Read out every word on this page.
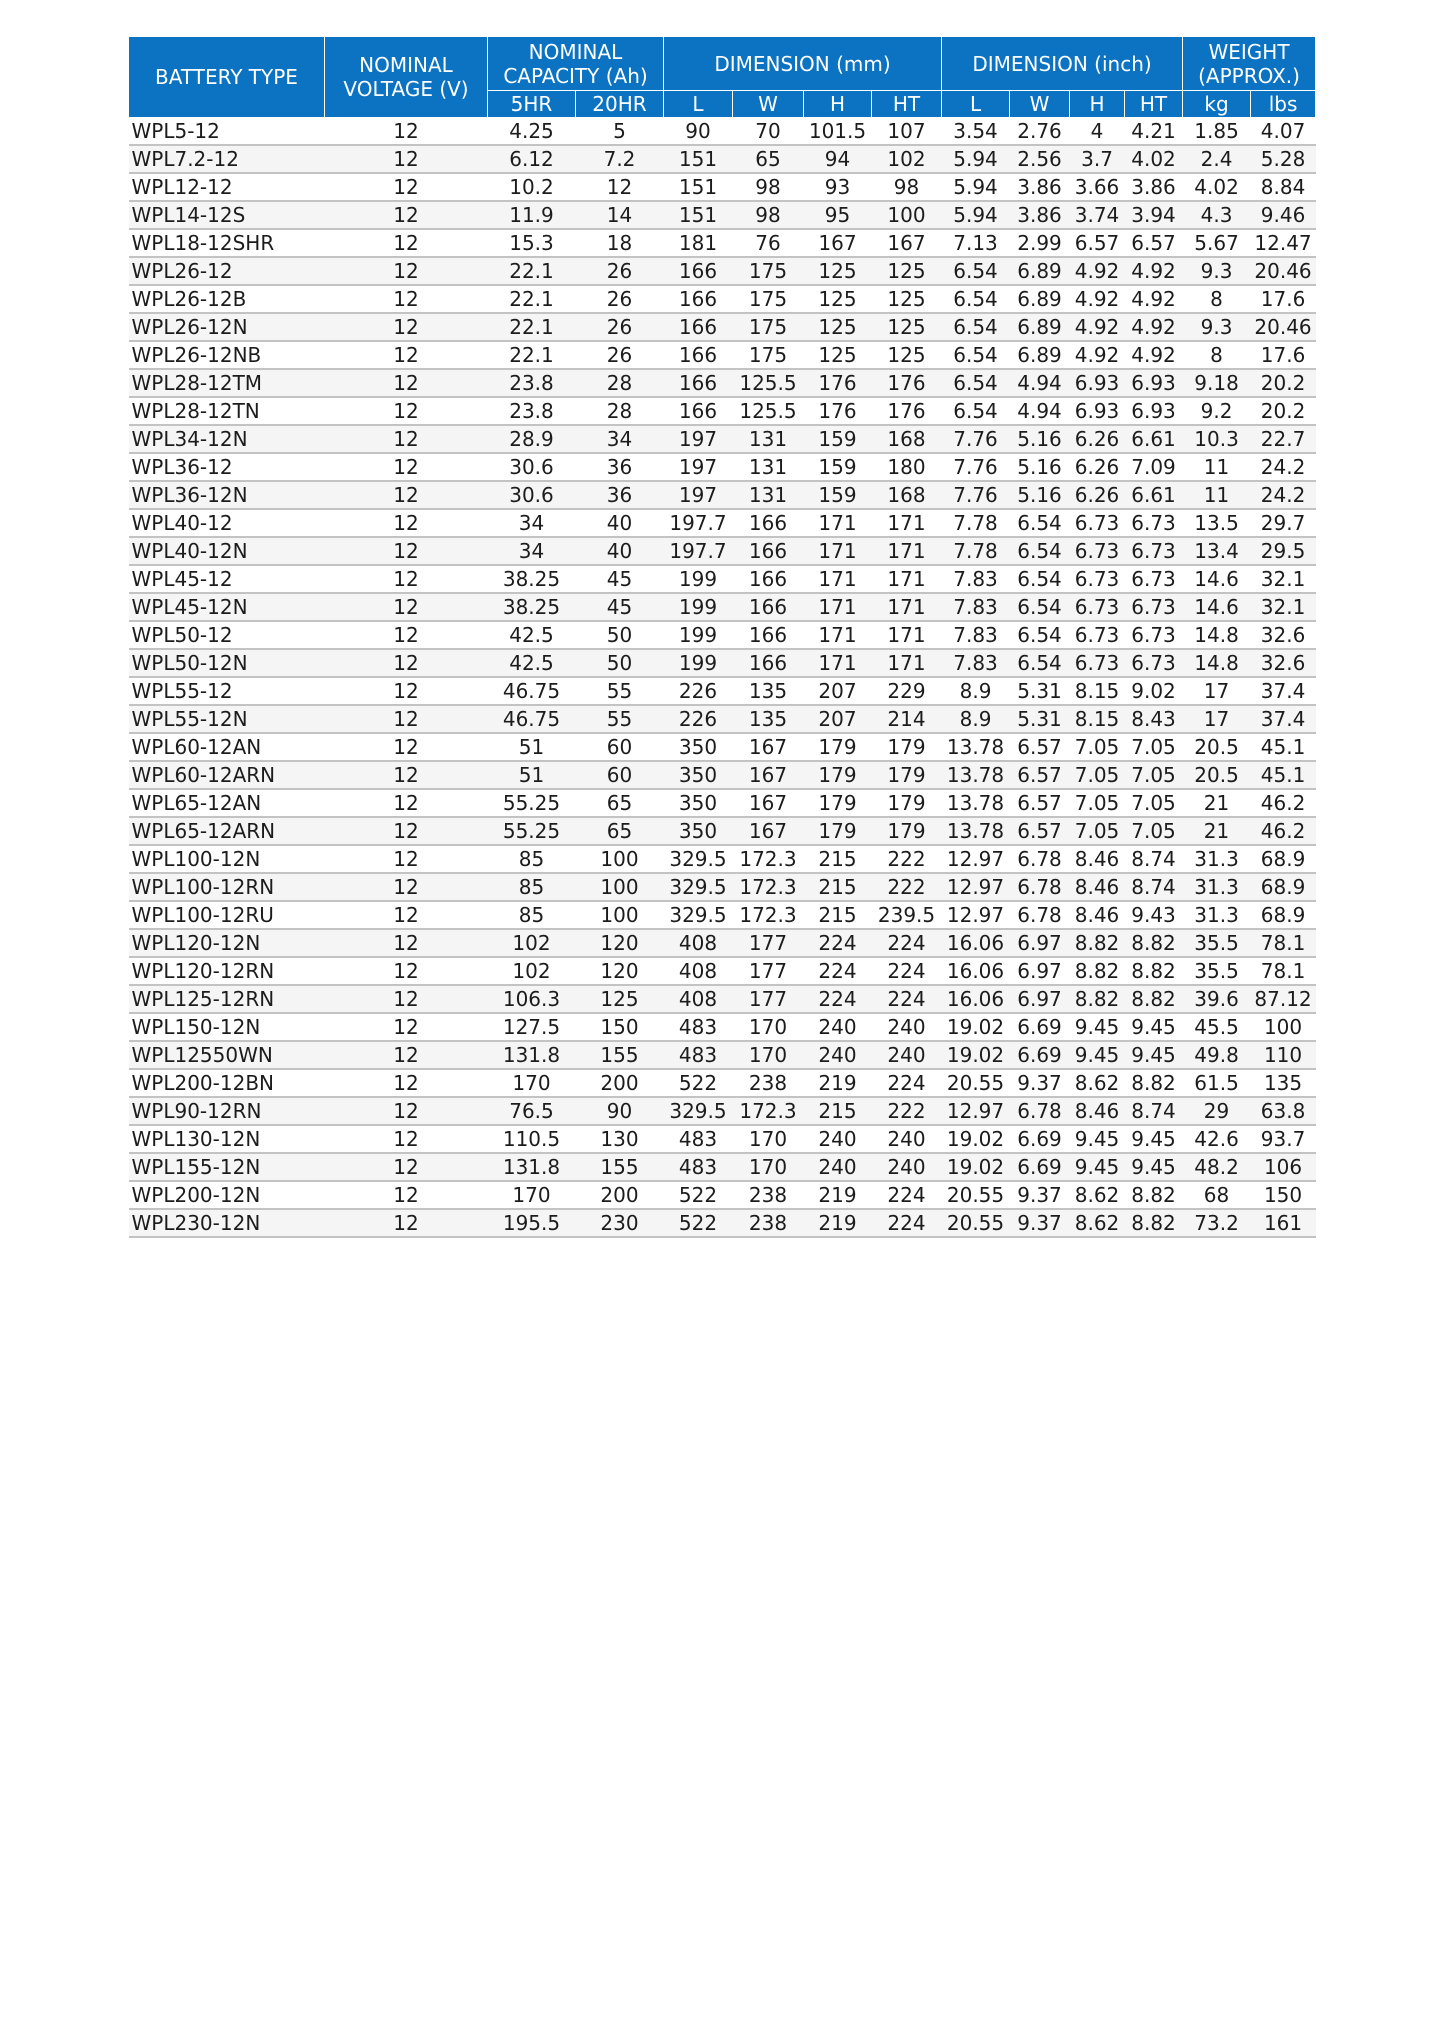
BATTERY TYPE	NOMINAL VOLTAGE (V)	NOMINAL CAPACITY (Ah)		DIMENSION (mm)				DIMENSION (inch)				WEIGHT (APPROX.)	
		5HR	20HR	L	W	H	HT	L	W	H	HT	kg	lbs
WPL5-12	12	4.25	5	90	70	101.5	107	3.54	2.76	4	4.21	1.85	4.07
WPL7.2-12	12	6.12	7.2	151	65	94	102	5.94	2.56	3.7	4.02	2.4	5.28
WPL12-12	12	10.2	12	151	98	93	98	5.94	3.86	3.66	3.86	4.02	8.84
WPL14-12S	12	11.9	14	151	98	95	100	5.94	3.86	3.74	3.94	4.3	9.46
WPL18-12SHR	12	15.3	18	181	76	167	167	7.13	2.99	6.57	6.57	5.67	12.47
WPL26-12	12	22.1	26	166	175	125	125	6.54	6.89	4.92	4.92	9.3	20.46
WPL26-12B	12	22.1	26	166	175	125	125	6.54	6.89	4.92	4.92	8	17.6
WPL26-12N	12	22.1	26	166	175	125	125	6.54	6.89	4.92	4.92	9.3	20.46
WPL26-12NB	12	22.1	26	166	175	125	125	6.54	6.89	4.92	4.92	8	17.6
WPL28-12TM	12	23.8	28	166	125.5	176	176	6.54	4.94	6.93	6.93	9.18	20.2
WPL28-12TN	12	23.8	28	166	125.5	176	176	6.54	4.94	6.93	6.93	9.2	20.2
WPL34-12N	12	28.9	34	197	131	159	168	7.76	5.16	6.26	6.61	10.3	22.7
WPL36-12	12	30.6	36	197	131	159	180	7.76	5.16	6.26	7.09	11	24.2
WPL36-12N	12	30.6	36	197	131	159	168	7.76	5.16	6.26	6.61	11	24.2
WPL40-12	12	34	40	197.7	166	171	171	7.78	6.54	6.73	6.73	13.5	29.7
WPL40-12N	12	34	40	197.7	166	171	171	7.78	6.54	6.73	6.73	13.4	29.5
WPL45-12	12	38.25	45	199	166	171	171	7.83	6.54	6.73	6.73	14.6	32.1
WPL45-12N	12	38.25	45	199	166	171	171	7.83	6.54	6.73	6.73	14.6	32.1
WPL50-12	12	42.5	50	199	166	171	171	7.83	6.54	6.73	6.73	14.8	32.6
WPL50-12N	12	42.5	50	199	166	171	171	7.83	6.54	6.73	6.73	14.8	32.6
WPL55-12	12	46.75	55	226	135	207	229	8.9	5.31	8.15	9.02	17	37.4
WPL55-12N	12	46.75	55	226	135	207	214	8.9	5.31	8.15	8.43	17	37.4
WPL60-12AN	12	51	60	350	167	179	179	13.78	6.57	7.05	7.05	20.5	45.1
WPL60-12ARN	12	51	60	350	167	179	179	13.78	6.57	7.05	7.05	20.5	45.1
WPL65-12AN	12	55.25	65	350	167	179	179	13.78	6.57	7.05	7.05	21	46.2
WPL65-12ARN	12	55.25	65	350	167	179	179	13.78	6.57	7.05	7.05	21	46.2
WPL100-12N	12	85	100	329.5	172.3	215	222	12.97	6.78	8.46	8.74	31.3	68.9
WPL100-12RN	12	85	100	329.5	172.3	215	222	12.97	6.78	8.46	8.74	31.3	68.9
WPL100-12RU	12	85	100	329.5	172.3	215	239.5	12.97	6.78	8.46	9.43	31.3	68.9
WPL120-12N	12	102	120	408	177	224	224	16.06	6.97	8.82	8.82	35.5	78.1
WPL120-12RN	12	102	120	408	177	224	224	16.06	6.97	8.82	8.82	35.5	78.1
WPL125-12RN	12	106.3	125	408	177	224	224	16.06	6.97	8.82	8.82	39.6	87.12
WPL150-12N	12	127.5	150	483	170	240	240	19.02	6.69	9.45	9.45	45.5	100
WPL12550WN	12	131.8	155	483	170	240	240	19.02	6.69	9.45	9.45	49.8	110
WPL200-12BN	12	170	200	522	238	219	224	20.55	9.37	8.62	8.82	61.5	135
WPL90-12RN	12	76.5	90	329.5	172.3	215	222	12.97	6.78	8.46	8.74	29	63.8
WPL130-12N	12	110.5	130	483	170	240	240	19.02	6.69	9.45	9.45	42.6	93.7
WPL155-12N	12	131.8	155	483	170	240	240	19.02	6.69	9.45	9.45	48.2	106
WPL200-12N	12	170	200	522	238	219	224	20.55	9.37	8.62	8.82	68	150
WPL230-12N	12	195.5	230	522	238	219	224	20.55	9.37	8.62	8.82	73.2	161
